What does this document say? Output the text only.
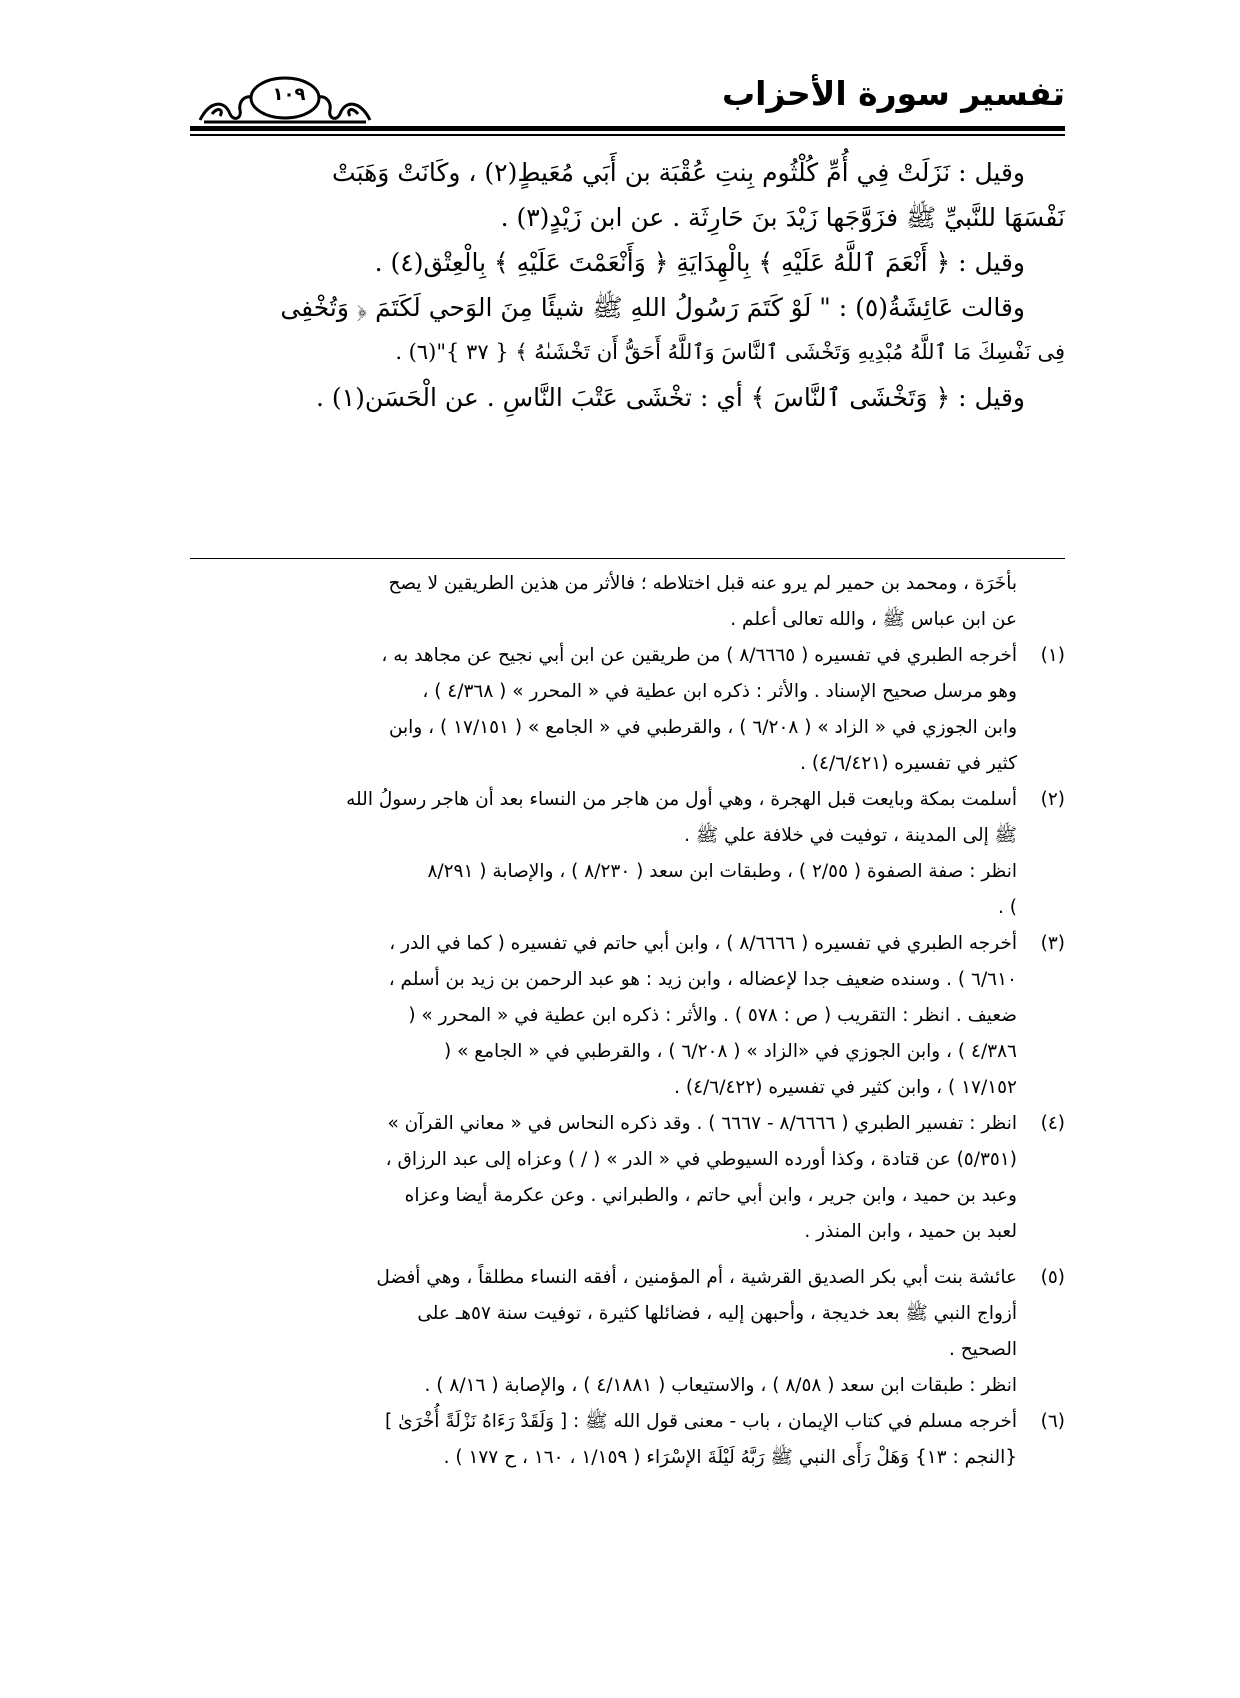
تفسير سورة الأحزاب
١٠٩

وقيل : نَزَلَتْ فِي أُمِّ كُلْثُوم بِنتِ عُقْبَة بن أَبَي مُعَيطٍ(٢) ، وكَانَتْ وَهَبَتْ

نَفْسَهَا للنَّبيِّ ﷺ فزَوَّجَها زَيْدَ بنَ حَارِثَة . عن ابن زَيْدٍ(٣) .

وقيل : ﴿ أَنْعَمَ ٱللَّهُ عَلَيْهِ ﴾ بِالْهِدَايَةِ ﴿ وَأَنْعَمْتَ عَلَيْهِ ﴾ بِالْعِتْق(٤) .

وقالت عَائِشَةُ(٥) : " لَوْ كَتَمَ رَسُولُ اللهِ ﷺ شيئًا مِنَ الوَحي لَكَتَمَ ﴿ وَتُخْفِى

فِى نَفْسِكَ مَا ٱللَّهُ مُبْدِيهِ وَتَخْشَى ٱلنَّاسَ وَٱللَّهُ أَحَقُّ أَن تَخْشَىٰهُ ﴾ { ٣٧ }"(٦) .

وقيل : ﴿ وَتَخْشَى ٱلنَّاسَ ﴾ أي : تخْشَى عَتْبَ النَّاسِ . عن الْحَسَن(١) .

بأخَرَة ، ومحمد بن حمير لم يرو عنه قبل اختلاطه ؛ فالأثر من هذين الطريقين لا يصح

عن ابن عباس ﷺ ، والله تعالى أعلم .

(١)

أخرجه الطبري في تفسيره ( ٨/٦٦٦٥ ) من طريقين عن ابن أبي نجيح عن مجاهد به ،

وهو مرسل صحيح الإسناد . والأثر : ذكره ابن عطية في « المحرر » ( ٤/٣٦٨ ) ،

وابن الجوزي في « الزاد » ( ٦/٢٠٨ ) ، والقرطبي في « الجامع » ( ١٧/١٥١ ) ، وابن

كثير في تفسيره (٤/٦/٤٢١) .

(٢)

أسلمت بمكة وبايعت قبل الهجرة ، وهي أول من هاجر من النساء بعد أن هاجر رسولُ الله

ﷺ إلى المدينة ، توفيت في خلافة علي ﷺ .

انظر : صفة الصفوة ( ٢/٥٥ ) ، وطبقات ابن سعد ( ٨/٢٣٠ ) ، والإصابة ( ٨/٢٩١

) .

(٣)

أخرجه الطبري في تفسيره ( ٨/٦٦٦٦ ) ، وابن أبي حاتم في تفسيره ( كما في الدر ،

٦/٦١٠ ) . وسنده ضعيف جدا لإعضاله ، وابن زيد : هو عبد الرحمن بن زيد بن أسلم ،

ضعيف . انظر : التقريب ( ص : ٥٧٨ ) . والأثر : ذكره ابن عطية في « المحرر » (

٤/٣٨٦ ) ، وابن الجوزي في «الزاد » ( ٦/٢٠٨ ) ، والقرطبي في « الجامع » (

١٧/١٥٢ ) ، وابن كثير في تفسيره (٤/٦/٤٢٢) .

(٤)

انظر : تفسير الطبري ( ٨/٦٦٦٦ - ٦٦٦٧ ) . وقد ذكره النحاس في « معاني القرآن »

(٥/٣٥١) عن قتادة ، وكذا أورده السيوطي في « الدر » ( / ) وعزاه إلى عبد الرزاق ،

وعبد بن حميد ، وابن جرير ، وابن أبي حاتم ، والطبراني . وعن عكرمة أيضا وعزاه

لعبد بن حميد ، وابن المنذر .

(٥)

عائشة بنت أبي بكر الصديق القرشية ، أم المؤمنين ، أفقه النساء مطلقاً ، وهي أفضل

أزواج النبي ﷺ بعد خديجة ، وأحبهن إليه ، فضائلها كثيرة ، توفيت سنة ٥٧هـ على

الصحيح .

انظر : طبقات ابن سعد ( ٨/٥٨ ) ، والاستيعاب ( ٤/١٨٨١ ) ، والإصابة ( ٨/١٦ ) .

(٦)

أخرجه مسلم في كتاب الإيمان ، باب - معنى قول الله ﷺ : [ وَلَقَدْ رَءَاهُ نَزْلَةً أُخْرَىٰ ]

{النجم : ١٣} وَهَلْ رَأَى النبي ﷺ رَبَّهُ لَيْلَةَ الإسْرَاء ( ١/١٥٩ ، ١٦٠ ، ح ١٧٧ ) .
